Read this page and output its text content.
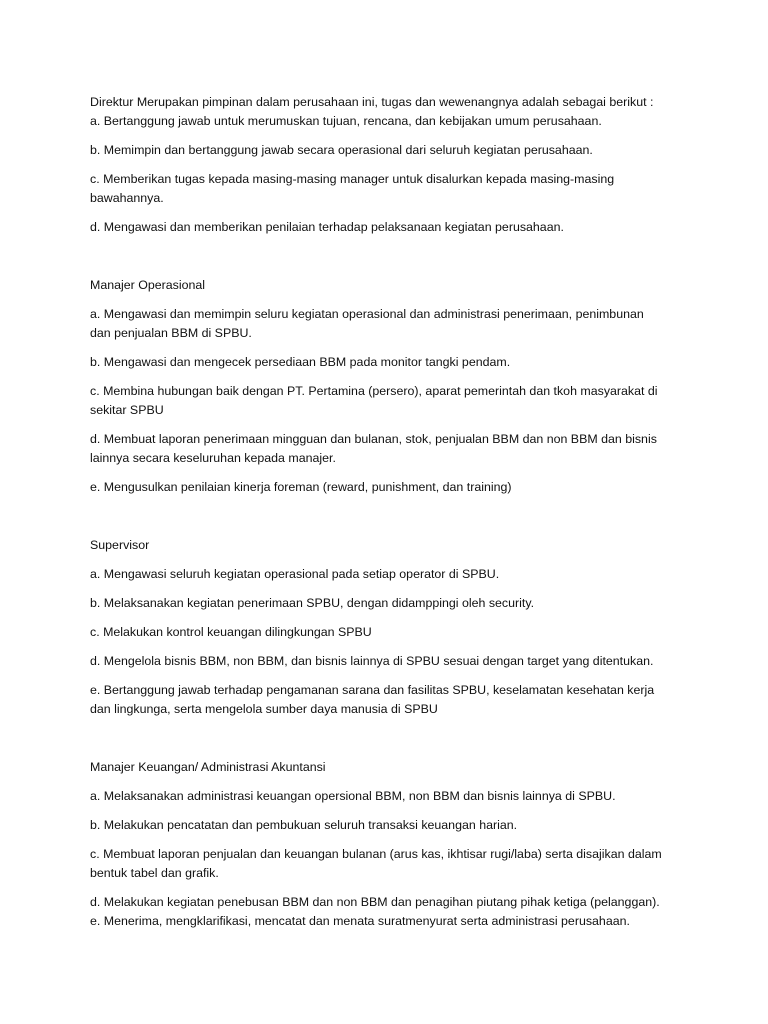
Direktur Merupakan pimpinan dalam perusahaan ini, tugas dan wewenangnya adalah sebagai berikut :
a. Bertanggung jawab untuk merumuskan tujuan, rencana, dan kebijakan umum perusahaan.
b. Memimpin dan bertanggung jawab secara operasional dari seluruh kegiatan perusahaan.
c. Memberikan tugas kepada masing-masing manager untuk disalurkan kepada masing-masing
bawahannya.
d. Mengawasi dan memberikan penilaian terhadap pelaksanaan kegiatan perusahaan.
Manajer Operasional
a. Mengawasi dan memimpin seluru kegiatan operasional dan administrasi penerimaan, penimbunan
dan penjualan BBM di SPBU.
b. Mengawasi dan mengecek persediaan BBM pada monitor tangki pendam.
c. Membina hubungan baik dengan PT. Pertamina (persero), aparat pemerintah dan tkoh masyarakat di
sekitar SPBU
d. Membuat laporan penerimaan mingguan dan bulanan, stok, penjualan BBM dan non BBM dan bisnis
lainnya secara keseluruhan kepada manajer.
e. Mengusulkan penilaian kinerja foreman (reward, punishment, dan training)
Supervisor
a. Mengawasi seluruh kegiatan operasional pada setiap operator di SPBU.
b. Melaksanakan kegiatan penerimaan SPBU, dengan didamppingi oleh security.
c. Melakukan kontrol keuangan dilingkungan SPBU
d. Mengelola bisnis BBM, non BBM, dan bisnis lainnya di SPBU sesuai dengan target yang ditentukan.
e. Bertanggung jawab terhadap pengamanan sarana dan fasilitas SPBU, keselamatan kesehatan kerja
dan lingkunga, serta mengelola sumber daya manusia di SPBU
Manajer Keuangan/ Administrasi Akuntansi
a. Melaksanakan administrasi keuangan opersional BBM, non BBM dan bisnis lainnya di SPBU.
b. Melakukan pencatatan dan pembukuan seluruh transaksi keuangan harian.
c. Membuat laporan penjualan dan keuangan bulanan (arus kas, ikhtisar rugi/laba) serta disajikan dalam
bentuk tabel dan grafik.
d. Melakukan kegiatan penebusan BBM dan non BBM dan penagihan piutang pihak ketiga (pelanggan).
e. Menerima, mengklarifikasi, mencatat dan menata suratmenyurat serta administrasi perusahaan.
